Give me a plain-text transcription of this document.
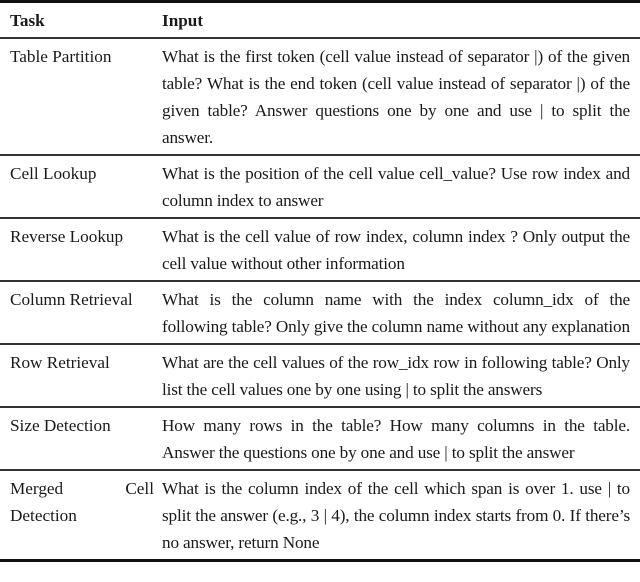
Task	Input
Table Partition	What is the first token (cell value instead of separator |) of the given table? What is the end token (cell value instead of separator |) of the given table? Answer questions one by one and use | to split the answer.
Cell Lookup	What is the position of the cell value cell_value? Use row index and column index to answer
Reverse Lookup	What is the cell value of row index, column index ? Only output the cell value without other information
Column Retrieval	What is the column name with the index column_idx of the following table? Only give the column name without any explanation
Row Retrieval	What are the cell values of the row_idx row in following table? Only list the cell values one by one using | to split the answers
Size Detection	How many rows in the table? How many columns in the table. Answer the questions one by one and use | to split the answer
Merged Cell Detection	What is the column index of the cell which span is over 1. use | to split the answer (e.g., 3 | 4), the column index starts from 0. If there’s no answer, return None
